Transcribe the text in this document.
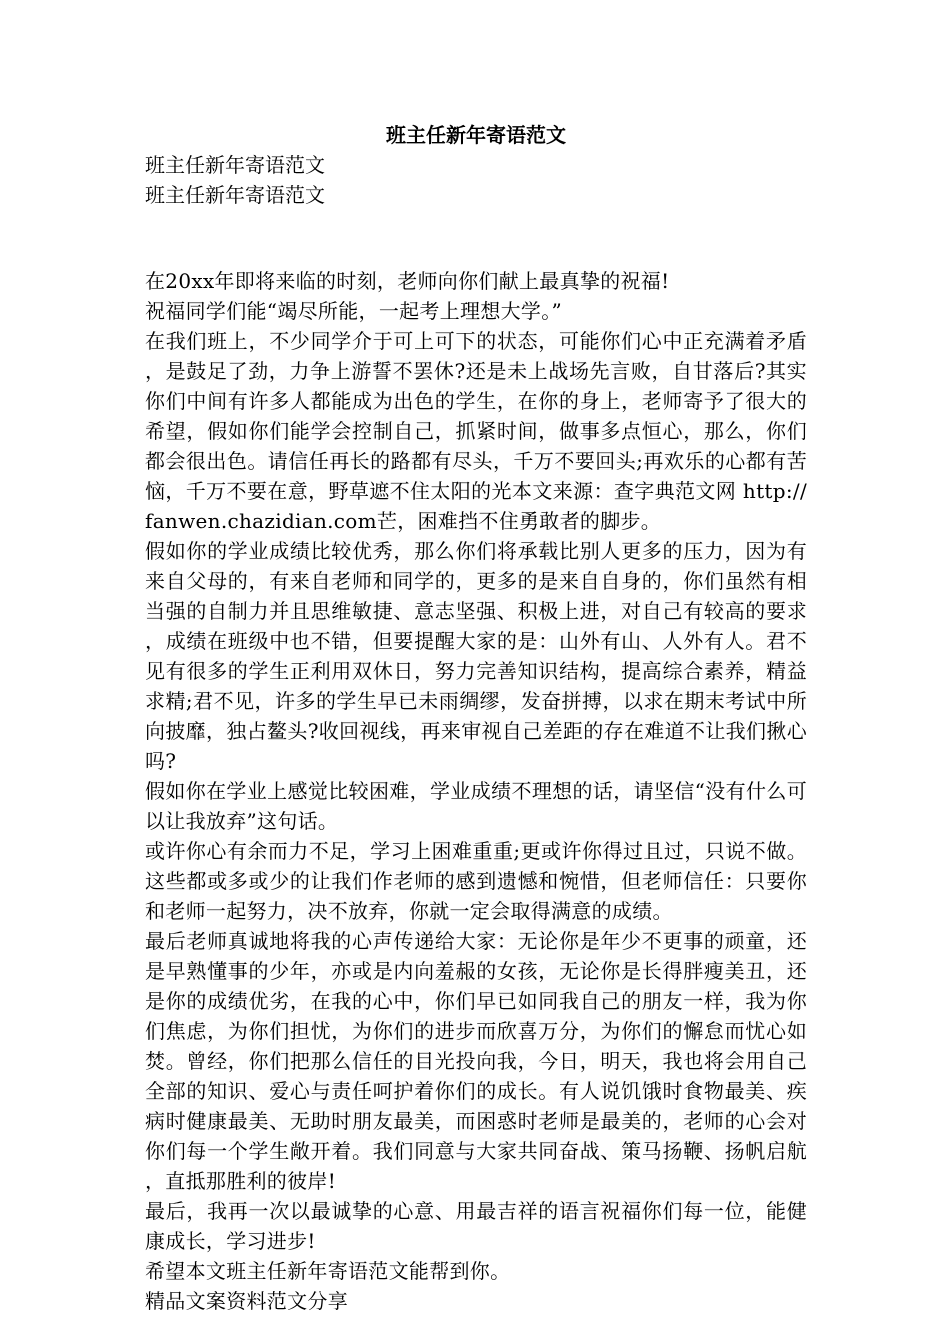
班主任新年寄语范文
班主任新年寄语范文
班主任新年寄语范文

在20xx年即将来临的时刻，老师向你们献上最真挚的祝福!

祝福同学们能“竭尽所能，一起考上理想大学。”

在我们班上，不少同学介于可上可下的状态，可能你们心中正充满着矛盾，是鼓足了劲，力争上游誓不罢休?还是未上战场先言败，自甘落后?其实你们中间有许多人都能成为出色的学生，在你的身上，老师寄予了很大的希望，假如你们能学会控制自己，抓紧时间，做事多点恒心，那么，你们都会很出色。请信任再长的路都有尽头，千万不要回头;再欢乐的心都有苦恼，千万不要在意，野草遮不住太阳的光本文来源：查字典范文网 http://fanwen.chazidian.com芒，困难挡不住勇敢者的脚步。

假如你的学业成绩比较优秀，那么你们将承载比别人更多的压力，因为有来自父母的，有来自老师和同学的，更多的是来自自身的，你们虽然有相当强的自制力并且思维敏捷、意志坚强、积极上进，对自己有较高的要求，成绩在班级中也不错，但要提醒大家的是：山外有山、人外有人。君不见有很多的学生正利用双休日，努力完善知识结构，提高综合素养，精益求精;君不见，许多的学生早已未雨绸缪，发奋拼搏，以求在期末考试中所向披靡，独占鳌头?收回视线，再来审视自己差距的存在难道不让我们揪心吗?

假如你在学业上感觉比较困难，学业成绩不理想的话，请坚信“没有什么可以让我放弃”这句话。

或许你心有余而力不足，学习上困难重重;更或许你得过且过，只说不做。这些都或多或少的让我们作老师的感到遗憾和惋惜，但老师信任：只要你和老师一起努力，决不放弃，你就一定会取得满意的成绩。

最后老师真诚地将我的心声传递给大家：无论你是年少不更事的顽童，还是早熟懂事的少年，亦或是内向羞赧的女孩，无论你是长得胖瘦美丑，还是你的成绩优劣，在我的心中，你们早已如同我自己的朋友一样，我为你们焦虑，为你们担忧，为你们的进步而欣喜万分，为你们的懈怠而忧心如焚。曾经，你们把那么信任的目光投向我，今日，明天，我也将会用自己全部的知识、爱心与责任呵护着你们的成长。有人说饥饿时食物最美、疾病时健康最美、无助时朋友最美，而困惑时老师是最美的，老师的心会对你们每一个学生敞开着。我们同意与大家共同奋战、策马扬鞭、扬帆启航，直抵那胜利的彼岸!

最后，我再一次以最诚挚的心意、用最吉祥的语言祝福你们每一位，能健康成长，学习进步!

希望本文班主任新年寄语范文能帮到你。

精品文案资料范文分享
